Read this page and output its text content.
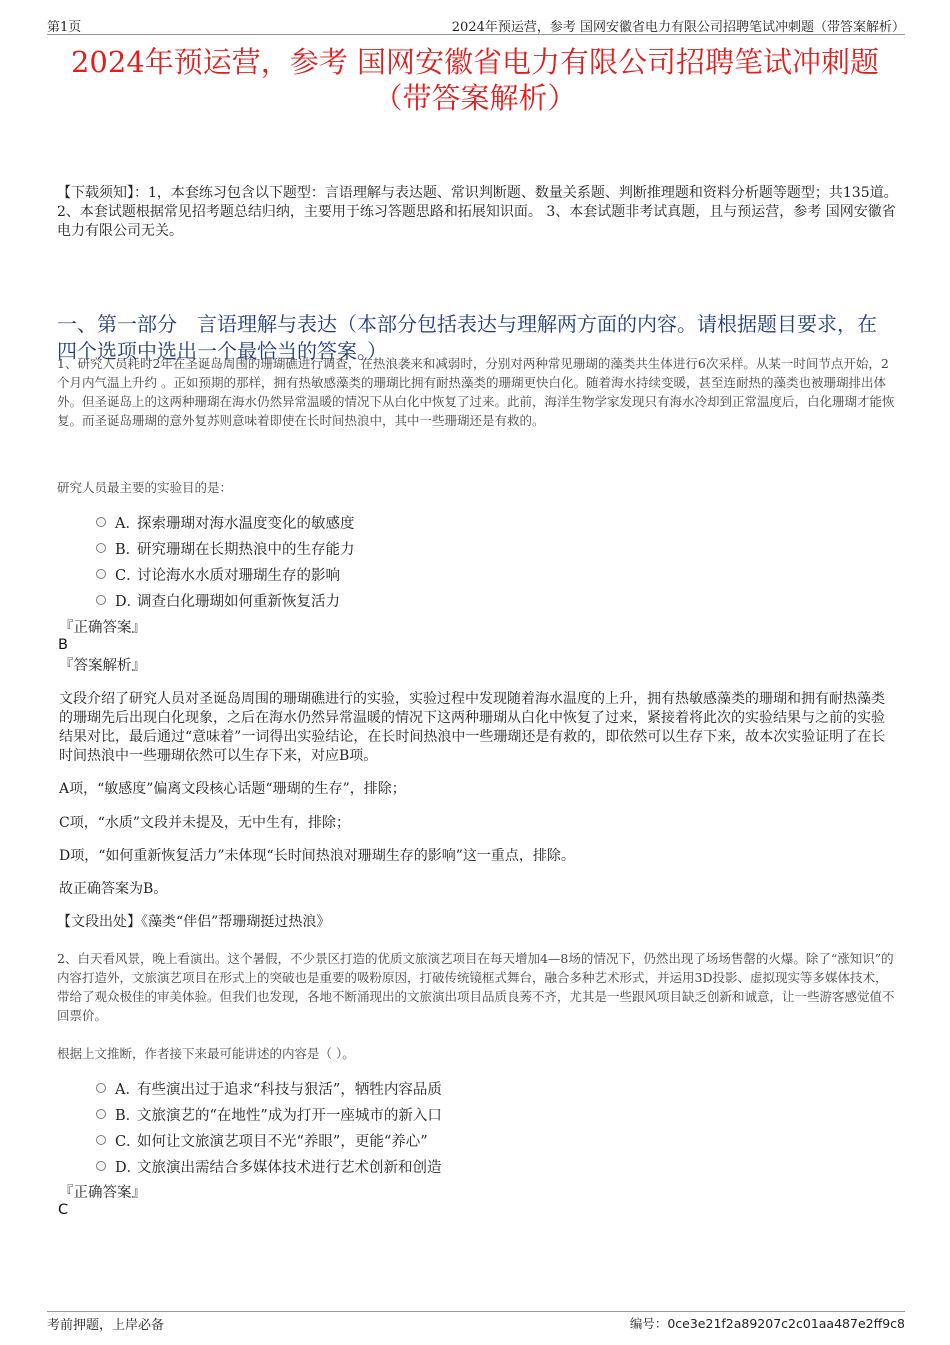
第1页	2024年预运营，参考 国网安徽省电力有限公司招聘笔试冲刺题（带答案解析）
2024年预运营，参考 国网安徽省电力有限公司招聘笔试冲刺题
（带答案解析）
【下载须知】：1，本套练习包含以下题型：言语理解与表达题、常识判断题、数量关系题、判断推理题和资料分析题等题型；共135道。 2、本套试题根据常见招考题总结归纳，主要用于练习答题思路和拓展知识面。 3、本套试题非考试真题，且与预运营，参考 国网安徽省电力有限公司无关。
一、第一部分　言语理解与表达（本部分包括表达与理解两方面的内容。请根据题目要求，在四个选项中选出一个最恰当的答案。）
1、研究人员耗时2年在圣诞岛周围的珊瑚礁进行调查，在热浪袭来和减弱时，分别对两种常见珊瑚的藻类共生体进行6次采样。从某一时间节点开始，2个月内气温上升约 。正如预期的那样，拥有热敏感藻类的珊瑚比拥有耐热藻类的珊瑚更快白化。随着海水持续变暖，甚至连耐热的藻类也被珊瑚排出体外。但圣诞岛上的这两种珊瑚在海水仍然异常温暖的情况下从白化中恢复了过来。此前，海洋生物学家发现只有海水冷却到正常温度后，白化珊瑚才能恢复。而圣诞岛珊瑚的意外复苏则意味着即使在长时间热浪中，其中一些珊瑚还是有救的。
研究人员最主要的实验目的是：
A．
探索珊瑚对海水温度变化的敏感度
B．
研究珊瑚在长期热浪中的生存能力
C．
讨论海水水质对珊瑚生存的影响
D．
调查白化珊瑚如何重新恢复活力
『正确答案』
B
『答案解析』
文段介绍了研究人员对圣诞岛周围的珊瑚礁进行的实验，实验过程中发现随着海水温度的上升，拥有热敏感藻类的珊瑚和拥有耐热藻类的珊瑚先后出现白化现象，之后在海水仍然异常温暖的情况下这两种珊瑚从白化中恢复了过来，紧接着将此次的实验结果与之前的实验结果对比，最后通过“意味着”一词得出实验结论，在长时间热浪中一些珊瑚还是有救的，即依然可以生存下来，故本次实验证明了在长时间热浪中一些珊瑚依然可以生存下来，对应B项。
A项，“敏感度”偏离文段核心话题“珊瑚的生存”，排除；
C项，“水质”文段并未提及，无中生有，排除；
D项，“如何重新恢复活力”未体现“长时间热浪对珊瑚生存的影响”这一重点，排除。
故正确答案为B。
【文段出处】《藻类“伴侣”帮珊瑚挺过热浪》
2、白天看风景，晚上看演出。这个暑假，不少景区打造的优质文旅演艺项目在每天增加4—8场的情况下，仍然出现了场场售罄的火爆。除了“涨知识”的内容打造外，文旅演艺项目在形式上的突破也是重要的吸粉原因，打破传统镜框式舞台，融合多种艺术形式，并运用3D投影、虚拟现实等多媒体技术，带给了观众极佳的审美体验。但我们也发现，各地不断涌现出的文旅演出项目品质良莠不齐，尤其是一些跟风项目缺乏创新和诚意，让一些游客感觉值不回票价。
根据上文推断，作者接下来最可能讲述的内容是（ ）。
A．
有些演出过于追求“科技与狠活”，牺牲内容品质
B．
文旅演艺的“在地性”成为打开一座城市的新入口
C．
如何让文旅演艺项目不光“养眼”，更能“养心”
D．
文旅演出需结合多媒体技术进行艺术创新和创造
『正确答案』
C
考前押题，上岸必备	编号：0ce3e21f2a89207c2c01aa487e2ff9c8
